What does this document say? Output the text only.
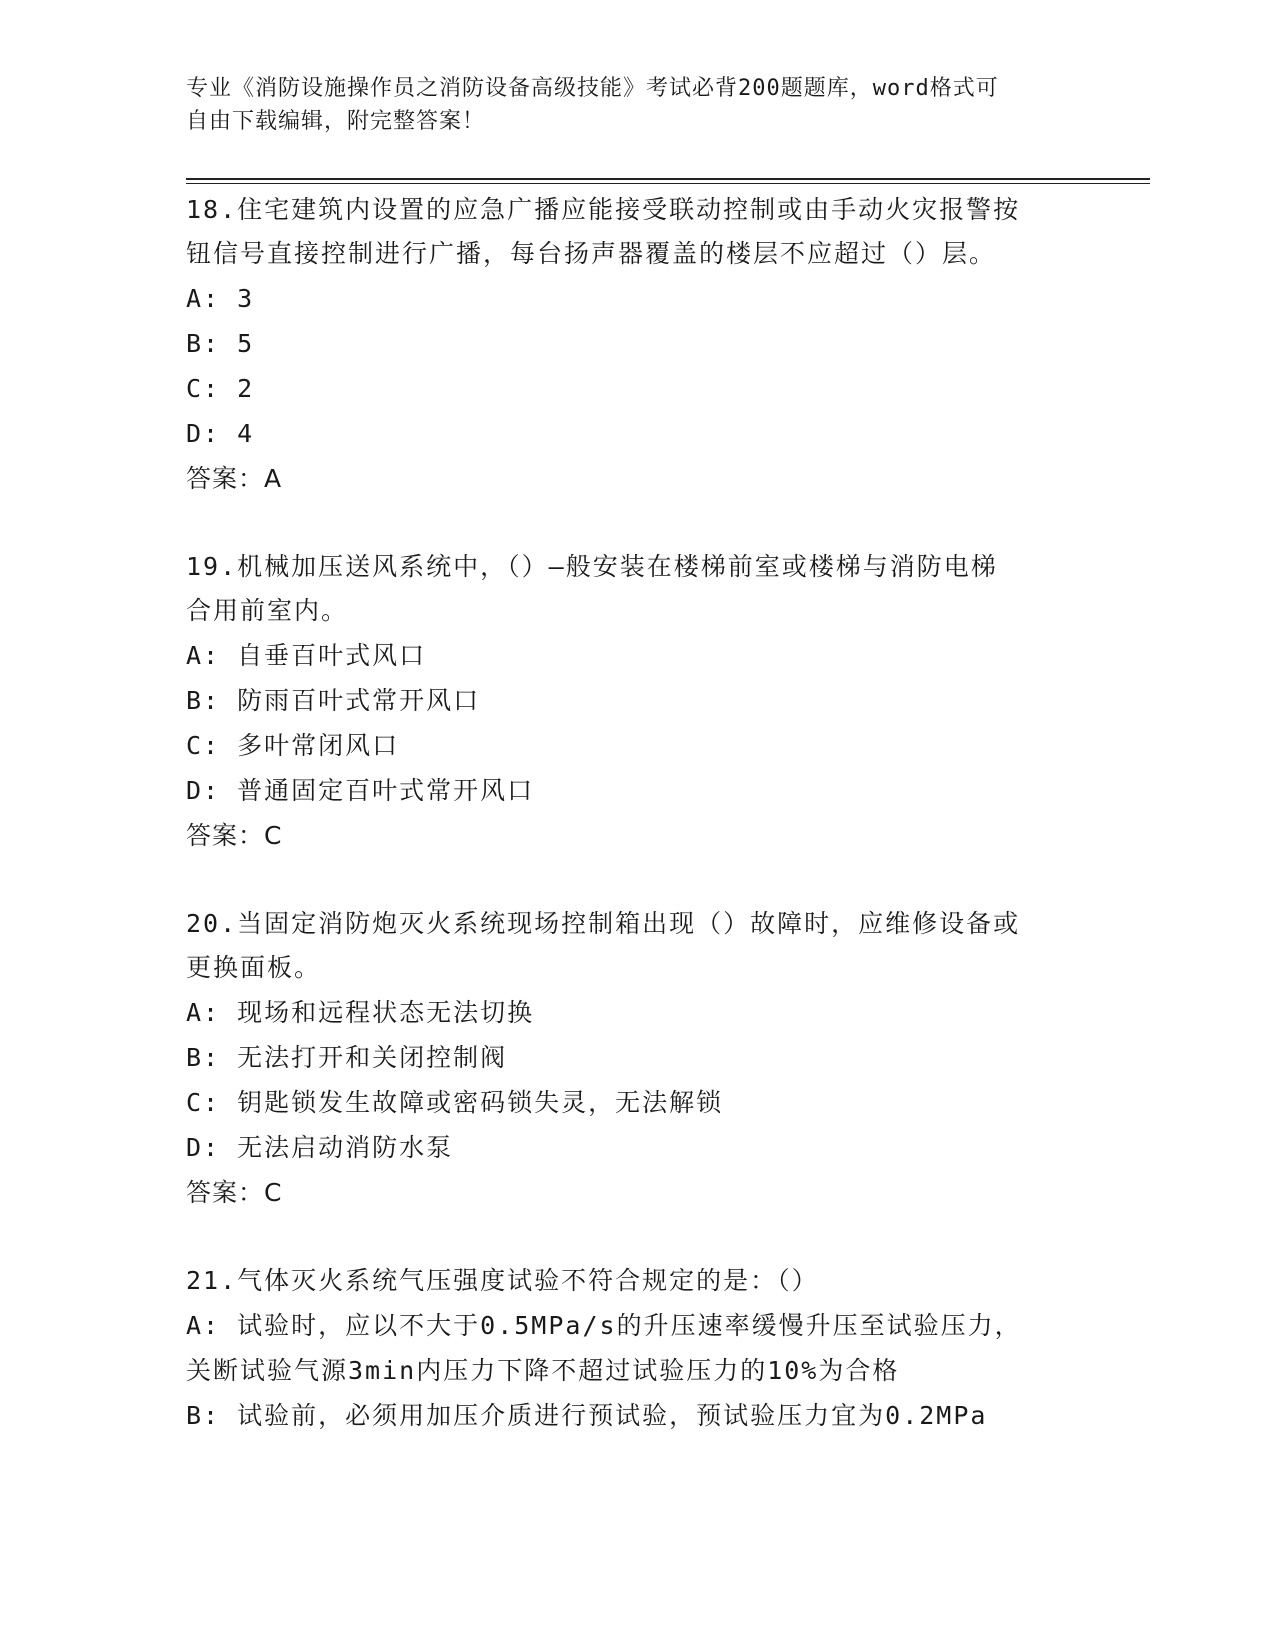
专业《消防设施操作员之消防设备高级技能》考试必背200题题库，word格式可
自由下载编辑，附完整答案！

18.住宅建筑内设置的应急广播应能接受联动控制或由手动火灾报警按

钮信号直接控制进行广播，每台扬声器覆盖的楼层不应超过（）层。

A: 3

B: 5

C: 2

D: 4

答案：A

19.机械加压送风系统中，（）—般安装在楼梯前室或楼梯与消防电梯

合用前室内。

A: 自垂百叶式风口

B: 防雨百叶式常开风口

C: 多叶常闭风口

D: 普通固定百叶式常开风口

答案：C

20.当固定消防炮灭火系统现场控制箱出现（）故障时，应维修设备或

更换面板。

A: 现场和远程状态无法切换

B: 无法打开和关闭控制阀

C: 钥匙锁发生故障或密码锁失灵，无法解锁

D: 无法启动消防水泵

答案：C

21.气体灭火系统气压强度试验不符合规定的是：（）

A: 试验时，应以不大于0.5MPa/s的升压速率缓慢升压至试验压力，

关断试验气源3min内压力下降不超过试验压力的10%为合格

B: 试验前，必须用加压介质进行预试验，预试验压力宜为0.2MPa
